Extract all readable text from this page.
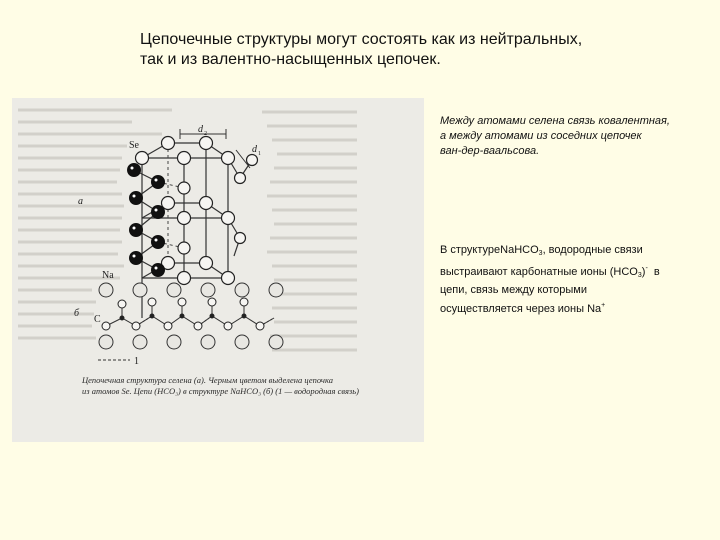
Цепочечные структуры могут состоять как из нейтральных,
так и из валентно-насыщенных цепочек.
Se
d 2
d 1
а
Na
C
б
1
Цепочечная структура селена (а). Черным цветом выделена цепочка
из атомов Se. Цепи (HCO₃) в структуре NaHCO₃ (б) (1 — водородная связь)
Между атомами селена связь ковалентная,
а между атомами из соседних цепочек
ван-дер-ваальсова.
В структуреNaHCO$_3$, водородные связи
выстраивают карбонатные ионы $(HCO_3)^-$  в
цепи, связь между которыми
осуществляется через ионы Na+
